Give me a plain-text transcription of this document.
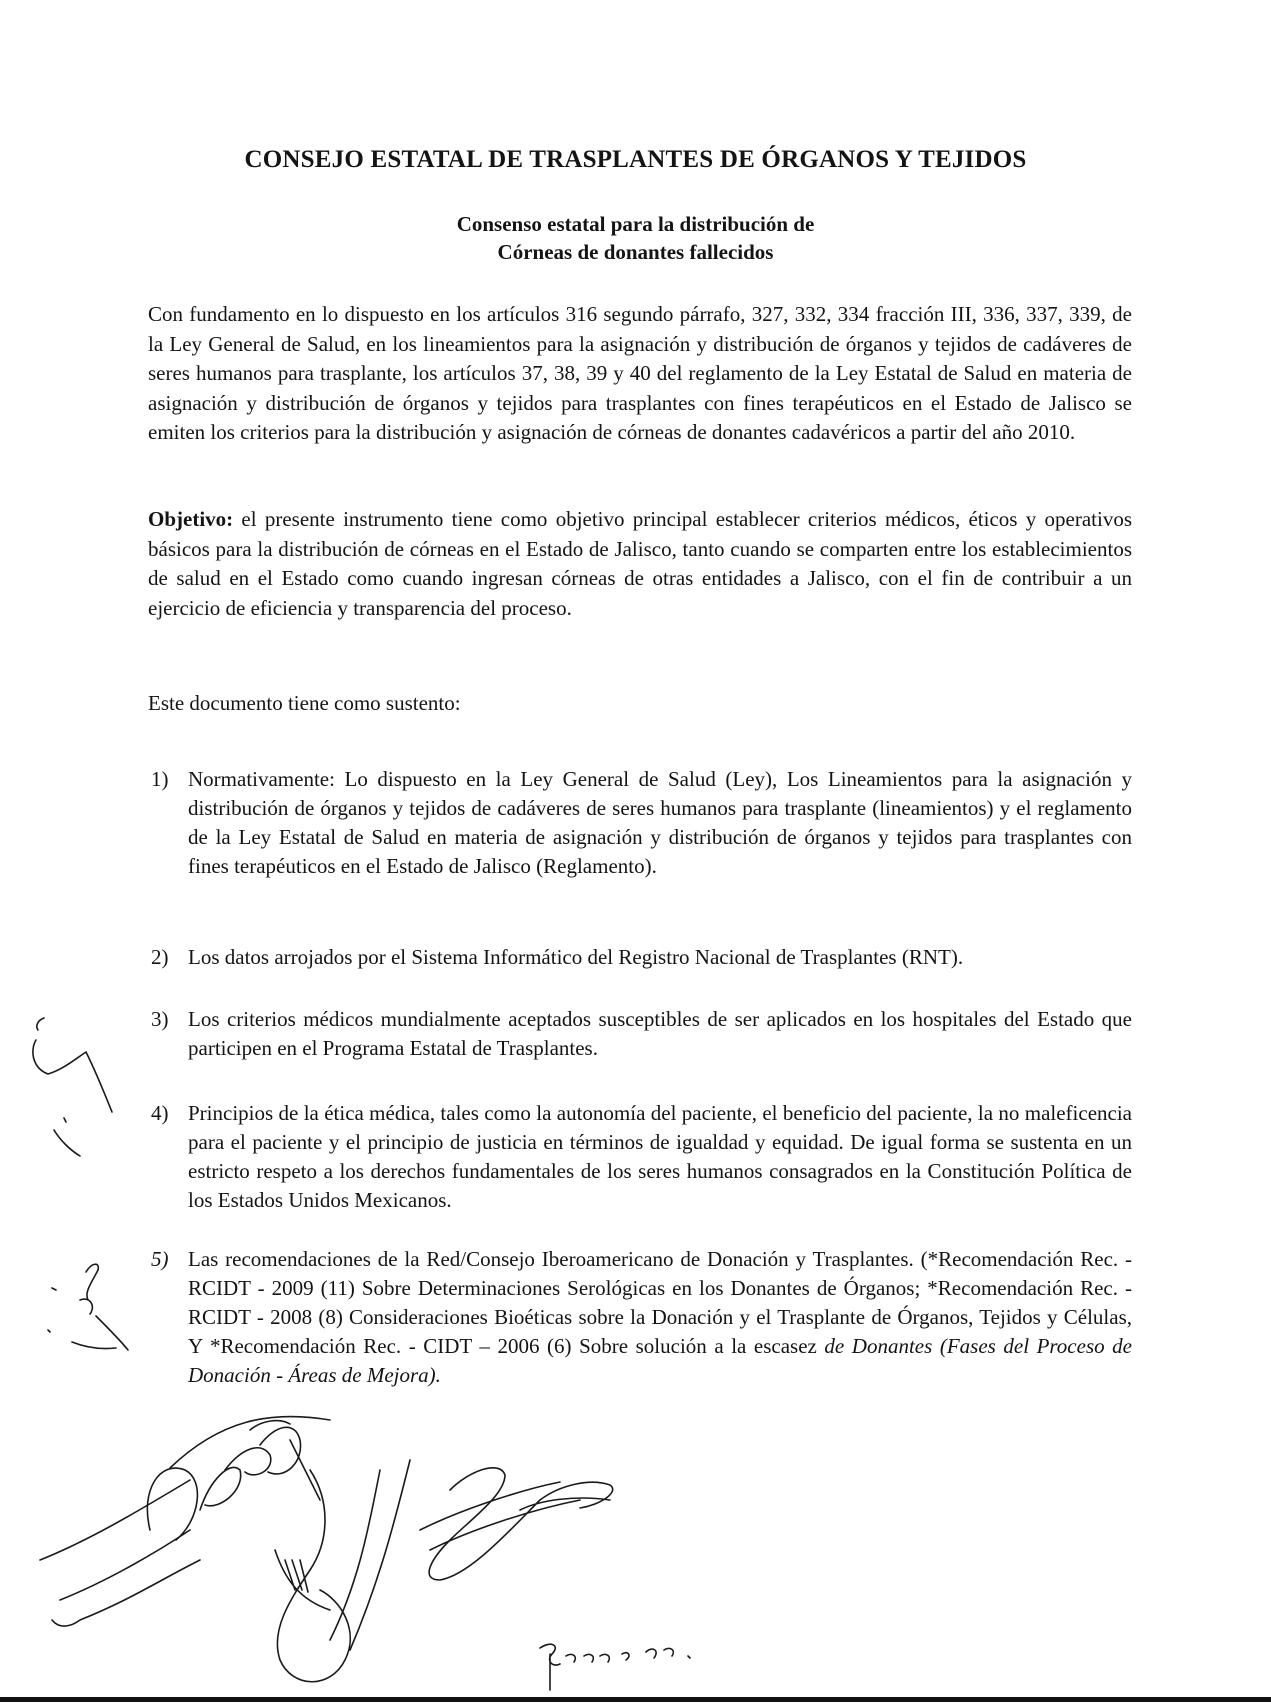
CONSEJO ESTATAL DE TRASPLANTES DE ÓRGANOS Y TEJIDOS
Consenso estatal para la distribución de
Córneas de donantes fallecidos

Con fundamento en lo dispuesto en los artículos 316 segundo párrafo, 327, 332, 334 fracción III, 336, 337, 339, de la Ley General de Salud, en los lineamientos para la asignación y distribución de órganos y tejidos de cadáveres de seres humanos para trasplante, los artículos 37, 38, 39 y 40 del reglamento de la Ley Estatal de Salud en materia de asignación y distribución de órganos y tejidos para trasplantes con fines terapéuticos en el Estado de Jalisco se emiten los criterios para la distribución y asignación de córneas de donantes cadavéricos a partir del año 2010.

Objetivo: el presente instrumento tiene como objetivo principal establecer criterios médicos, éticos y operativos básicos para la distribución de córneas en el Estado de Jalisco, tanto cuando se comparten entre los establecimientos de salud en el Estado como cuando ingresan córneas de otras entidades a Jalisco, con el fin de contribuir a un ejercicio de eficiencia y transparencia del proceso.

Este documento tiene como sustento:

1) Normativamente: Lo dispuesto en la Ley General de Salud (Ley), Los Lineamientos para la asignación y distribución de órganos y tejidos de cadáveres de seres humanos para trasplante (lineamientos) y el reglamento de la Ley Estatal de Salud en materia de asignación y distribución de órganos y tejidos para trasplantes con fines terapéuticos en el Estado de Jalisco (Reglamento).
2) Los datos arrojados por el Sistema Informático del Registro Nacional de Trasplantes (RNT).
3) Los criterios médicos mundialmente aceptados susceptibles de ser aplicados en los hospitales del Estado que participen en el Programa Estatal de Trasplantes.
4) Principios de la ética médica, tales como la autonomía del paciente, el beneficio del paciente, la no maleficencia para el paciente y el principio de justicia en términos de igualdad y equidad. De igual forma se sustenta en un estricto respeto a los derechos fundamentales de los seres humanos consagrados en la Constitución Política de los Estados Unidos Mexicanos.
5) Las recomendaciones de la Red/Consejo Iberoamericano de Donación y Trasplantes. (*Recomendación Rec. - RCIDT - 2009 (11) Sobre Determinaciones Serológicas en los Donantes de Órganos; *Recomendación Rec. - RCIDT - 2008 (8) Consideraciones Bioéticas sobre la Donación y el Trasplante de Órganos, Tejidos y Células, Y *Recomendación Rec. - CIDT – 2006 (6) Sobre solución a la escasez de Donantes (Fases del Proceso de Donación - Áreas de Mejora).
